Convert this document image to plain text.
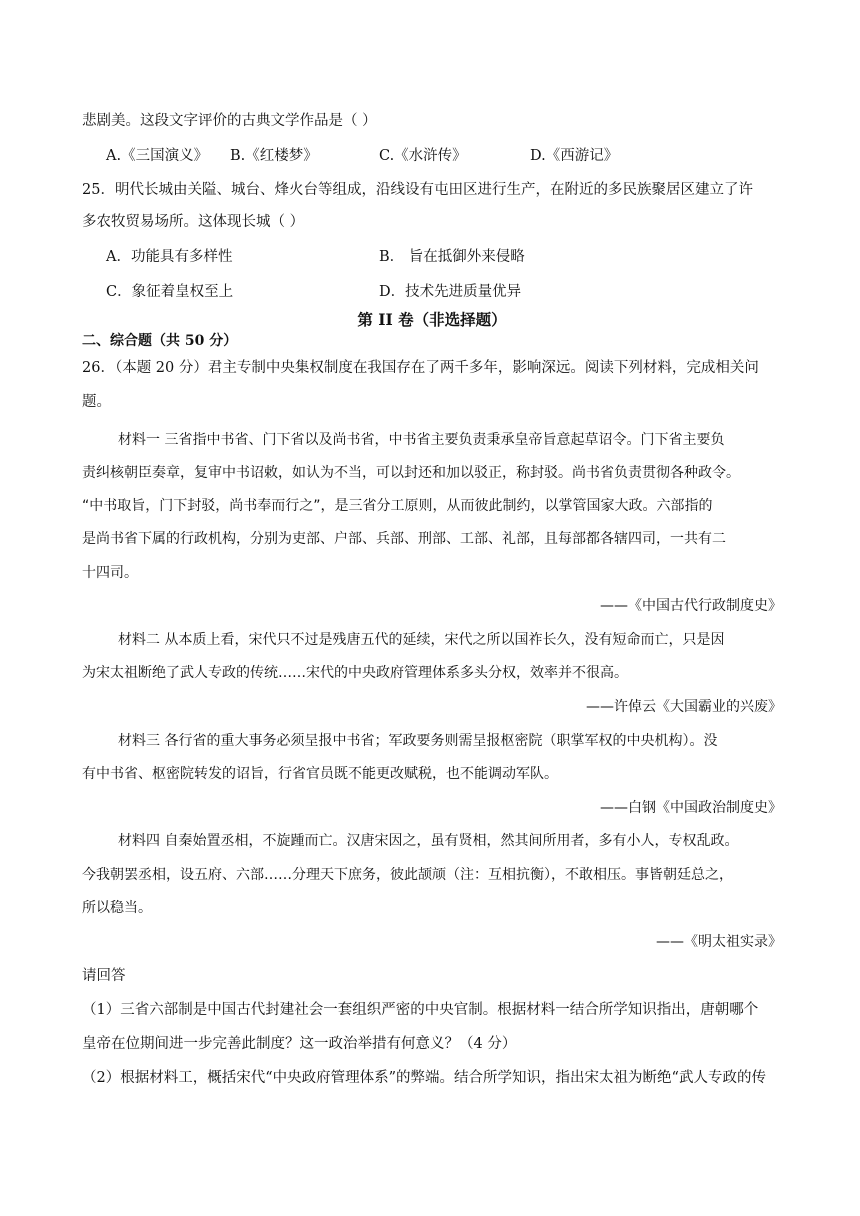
悲剧美。这段文字评价的古典文学作品是（ ）
A.《三国演义》 B.《红楼梦》	C.《水浒传》	D.《西游记》
25．明代长城由关隘、城台、烽火台等组成，沿线设有屯田区进行生产，在附近的多民族聚居区建立了许
多农牧贸易场所。这体现长城（ ）
A．功能具有多样性	B． 旨在抵御外来侵略
C．象征着皇权至上	D．技术先进质量优异
第 II 卷（非选择题）
二、综合题（共 50 分）
26．（本题 20 分）君主专制中央集权制度在我国存在了两千多年，影响深远。阅读下列材料，完成相关问
题。
材料一 三省指中书省、门下省以及尚书省，中书省主要负责秉承皇帝旨意起草诏令。门下省主要负
责纠核朝臣奏章，复审中书诏敕，如认为不当，可以封还和加以驳正，称封驳。尚书省负责贯彻各种政令。
“中书取旨，门下封驳，尚书奉而行之”，是三省分工原则，从而彼此制约，以掌管国家大政。六部指的
是尚书省下属的行政机构，分别为吏部、户部、兵部、刑部、工部、礼部，且每部都各辖四司，一共有二
十四司。
——《中国古代行政制度史》
材料二 从本质上看，宋代只不过是残唐五代的延续，宋代之所以国祚长久，没有短命而亡，只是因
为宋太祖断绝了武人专政的传统……宋代的中央政府管理体系多头分权，效率并不很高。
——许倬云《大国霸业的兴废》
材料三 各行省的重大事务必须呈报中书省；军政要务则需呈报枢密院（职掌军权的中央机构）。没
有中书省、枢密院转发的诏旨，行省官员既不能更改赋税，也不能调动军队。
——白钢《中国政治制度史》
材料四 自秦始置丞相，不旋踵而亡。汉唐宋因之，虽有贤相，然其间所用者，多有小人，专权乱政。
今我朝罢丞相，设五府、六部……分理天下庶务，彼此颉颃（注：互相抗衡），不敢相压。事皆朝廷总之，
所以稳当。
——《明太祖实录》
请回答
（1）三省六部制是中国古代封建社会一套组织严密的中央官制。根据材料一结合所学知识指出，唐朝哪个
皇帝在位期间进一步完善此制度？这一政治举措有何意义？（4 分）
（2）根据材料工，概括宋代“中央政府管理体系”的弊端。结合所学知识，指出宋太祖为断绝“武人专政的传
